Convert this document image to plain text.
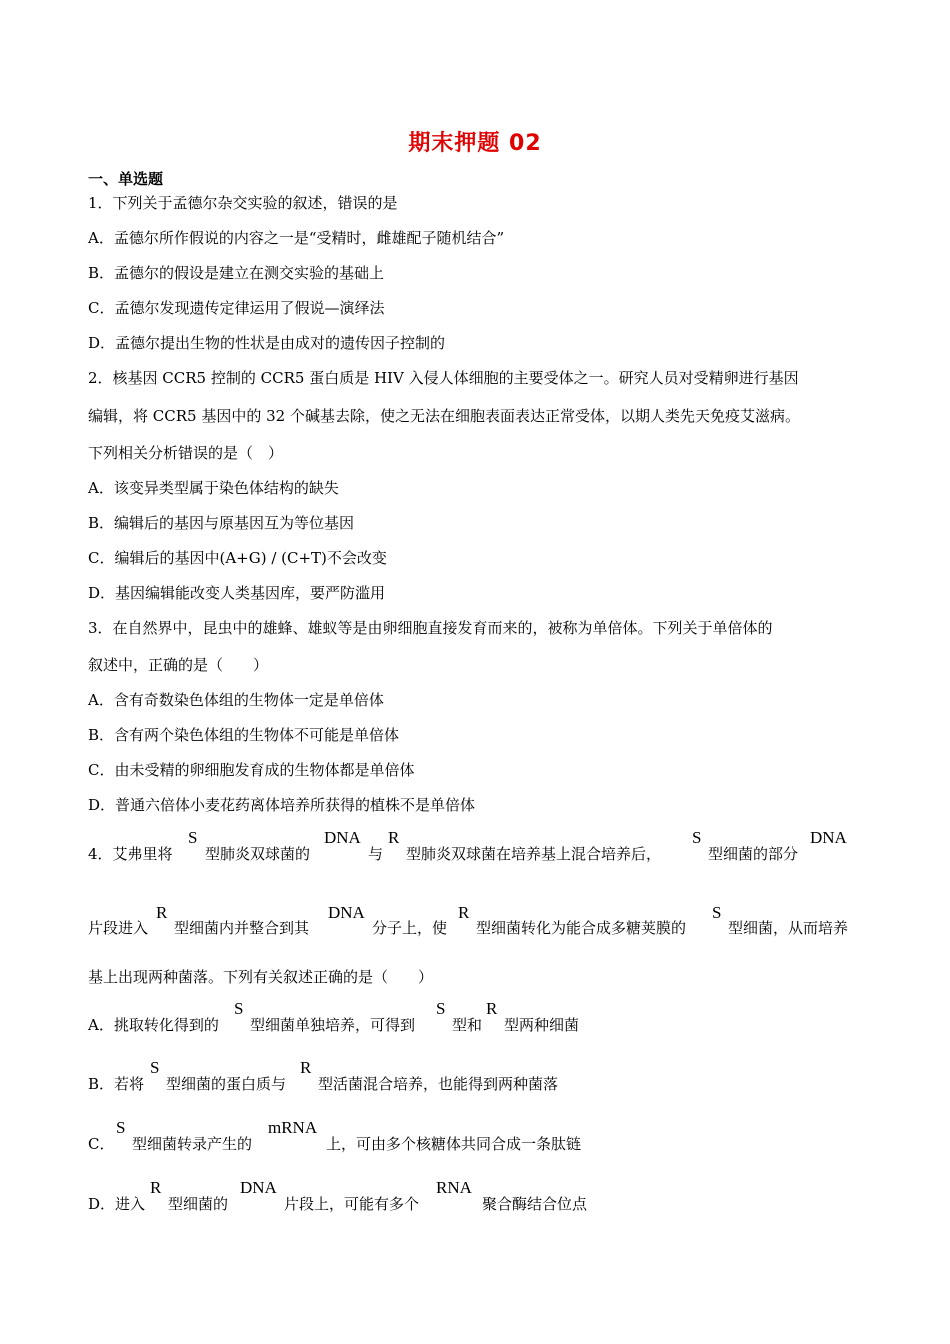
期末押题 02
一、单选题
1．下列关于孟德尔杂交实验的叙述，错误的是
A．孟德尔所作假说的内容之一是“受精时，雌雄配子随机结合”
B．孟德尔的假设是建立在测交实验的基础上
C．孟德尔发现遗传定律运用了假说—演绎法
D．孟德尔提出生物的性状是由成对的遗传因子控制的
2．核基因 CCR5 控制的 CCR5 蛋白质是 HIV 入侵人体细胞的主要受体之一。研究人员对受精卵进行基因
编辑，将 CCR5 基因中的 32 个碱基去除，使之无法在细胞表面表达正常受体，以期人类先天免疫艾滋病。
下列相关分析错误的是（　）
A．该变异类型属于染色体结构的缺失
B．编辑后的基因与原基因互为等位基因
C．编辑后的基因中(A+G) / (C+T)不会改变
D．基因编辑能改变人类基因库，要严防滥用
3．在自然界中，昆虫中的雄蜂、雄蚁等是由卵细胞直接发育而来的，被称为单倍体。下列关于单倍体的
叙述中，正确的是（　　）
A．含有奇数染色体组的生物体一定是单倍体
B．含有两个染色体组的生物体不可能是单倍体
C．由未受精的卵细胞发育成的生物体都是单倍体
D．普通六倍体小麦花药离体培养所获得的植株不是单倍体
4．艾弗里将
S
型肺炎双球菌的
DNA
与
R
型肺炎双球菌在培养基上混合培养后，
S
型细菌的部分
DNA
片段进入
R
型细菌内并整合到其
DNA
分子上，使
R
型细菌转化为能合成多糖荚膜的
S
型细菌，从而培养
基上出现两种菌落。下列有关叙述正确的是（　　）
A．挑取转化得到的
S
型细菌单独培养，可得到
S
型和
R
型两种细菌
B．若将
S
型细菌的蛋白质与
R
型活菌混合培养，也能得到两种菌落
C．
S
型细菌转录产生的
mRNA
上，可由多个核糖体共同合成一条肽链
D．进入
R
型细菌的
DNA
片段上，可能有多个
RNA
聚合酶结合位点
